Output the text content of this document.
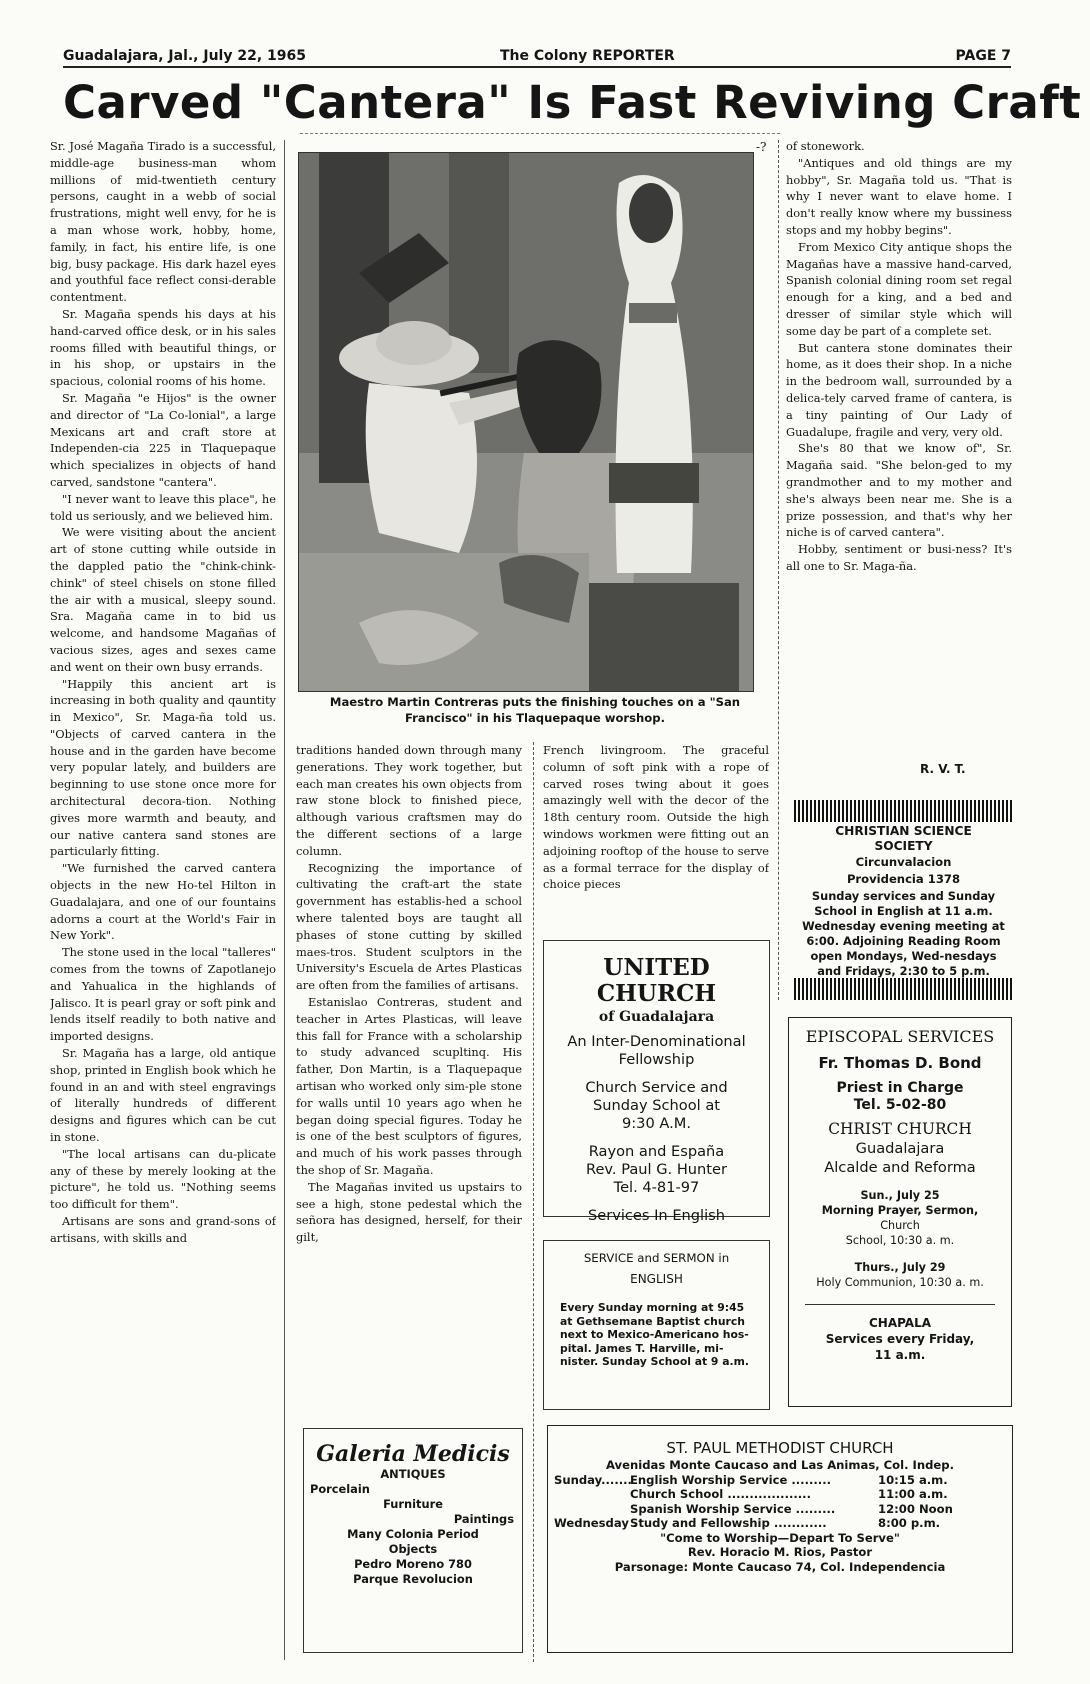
Guadalajara, Jal., July 22, 1965	The Colony REPORTER	PAGE 7
Carved "Cantera" Is Fast Reviving Craft

Sr. José Magaña Tirado is a successful, middle-age business-man whom millions of mid-twentieth century persons, caught in a webb of social frustrations, might well envy, for he is a man whose work, hobby, home, family, in fact, his entire life, is one big, busy package. His dark hazel eyes and youthful face reflect consi-derable contentment.

Sr. Magaña spends his days at his hand-carved office desk, or in his sales rooms filled with beautiful things, or in his shop, or upstairs in the spacious, colonial rooms of his home.

Sr. Magaña "e Hijos" is the owner and director of "La Co-lonial", a large Mexicans art and craft store at Independen-cia 225 in Tlaquepaque which specializes in objects of hand carved, sandstone "cantera".

"I never want to leave this place", he told us seriously, and we believed him.

We were visiting about the ancient art of stone cutting while outside in the dappled patio the "chink-chink-chink" of steel chisels on stone filled the air with a musical, sleepy sound. Sra. Magaña came in to bid us welcome, and handsome Magañas of vacious sizes, ages and sexes came and went on their own busy errands.

"Happily this ancient art is increasing in both quality and qauntity in Mexico", Sr. Maga-ña told us. "Objects of carved cantera in the house and in the garden have become very popular lately, and builders are beginning to use stone once more for architectural decora-tion. Nothing gives more warmth and beauty, and our native cantera sand stones are particularly fitting.

"We furnished the carved cantera objects in the new Ho-tel Hilton in Guadalajara, and one of our fountains adorns a court at the World's Fair in New York".

The stone used in the local "talleres" comes from the towns of Zapotlanejo and Yahualica in the highlands of Jalisco. It is pearl gray or soft pink and lends itself readily to both native and imported designs.

Sr. Magaña has a large, old antique shop, printed in English book which he found in an and with steel engravings of literally hundreds of different designs and figures which can be cut in stone.

"The local artisans can du-plicate any of these by merely looking at the picture", he told us. "Nothing seems too difficult for them".

Artisans are sons and grand-sons of artisans, with skills and

-?
Maestro Martin Contreras puts the finishing touches on a "San Francisco" in his Tlaquepaque worshop.

traditions handed down through many generations. They work together, but each man creates his own objects from raw stone block to finished piece, although various craftsmen may do the different sections of a large column.

Recognizing the importance of cultivating the craft-art the state government has establis-hed a school where talented boys are taught all phases of stone cutting by skilled maes-tros. Student sculptors in the University's Escuela de Artes Plasticas are often from the families of artisans.

Estanislao Contreras, student and teacher in Artes Plasticas, will leave this fall for France with a scholarship to study advanced scupltinq. His father, Don Martin, is a Tlaquepaque artisan who worked only sim-ple stone for walls until 10 years ago when he began doing special figures. Today he is one of the best sculptors of figures, and much of his work passes through the shop of Sr. Magaña.

The Magañas invited us upstairs to see a high, stone pedestal which the señora has designed, herself, for their gilt,

French livingroom. The graceful column of soft pink with a rope of carved roses twing about it goes amazingly well with the decor of the 18th century room. Outside the high windows workmen were fitting out an adjoining rooftop of the house to serve as a formal terrace for the display of choice pieces

of stonework.

"Antiques and old things are my hobby", Sr. Magaña told us. "That is why I never want to elave home. I don't really know where my bussiness stops and my hobby begins".

From Mexico City antique shops the Magañas have a massive hand-carved, Spanish colonial dining room set regal enough for a king, and a bed and dresser of similar style which will some day be part of a complete set.

But cantera stone dominates their home, as it does their shop. In a niche in the bedroom wall, surrounded by a delica-tely carved frame of cantera, is a tiny painting of Our Lady of Guadalupe, fragile and very, very old.

She's 80 that we know of", Sr. Magaña said. "She belon-ged to my grandmother and to my mother and she's always been near me. She is a prize possession, and that's why her niche is of carved cantera".

Hobby, sentiment or busi-ness? It's all one to Sr. Maga-ña.

R. V. T.
CHRISTIAN SCIENCE
SOCIETY
Circunvalacion
Providencia 1378
Sunday services and Sunday School in English at 11 a.m. Wednesday evening meeting at 6:00. Adjoining Reading Room open Mondays, Wed-nesdays and Fridays, 2:30 to 5 p.m.
UNITED CHURCH
of Guadalajara
An Inter-Denominational
Fellowship
Church Service and
Sunday School at
9:30 A.M.
Rayon and España
Rev. Paul G. Hunter
Tel. 4-81-97
Services In English
SERVICE and SERMON in
ENGLISH
Every Sunday morning at 9:45 at Gethsemane Baptist church next to Mexico-Americano hos-pital. James T. Harville, mi-nister. Sunday School at 9 a.m.
EPISCOPAL SERVICES
Fr. Thomas D. Bond
Priest in Charge
Tel. 5-02-80
CHRIST CHURCH
Guadalajara
Alcalde and Reforma
Sun., July 25
Morning Prayer, Sermon,
Church
School, 10:30 a. m.
Thurs., July 29
Holy Communion, 10:30 a. m.
CHAPALA
Services every Friday,
11 a.m.
Galeria Medicis
ANTIQUES
Porcelain
Furniture
Paintings
Many Colonia Period
Objects
Pedro Moreno 780
Parque Revolucion
ST. PAUL METHODIST CHURCH
Avenidas Monte Caucaso and Las Animas, Col. Indep.
Sunday.......
English Worship Service .........	10:15 a.m.
Church School ...................	11:00 a.m.
Spanish Worship Service .........	12:00 Noon
Wednesday .
Study and Fellowship ............	8:00 p.m.
"Come to Worship—Depart To Serve"
Rev. Horacio M. Rios, Pastor
Parsonage: Monte Caucaso 74, Col. Independencia
